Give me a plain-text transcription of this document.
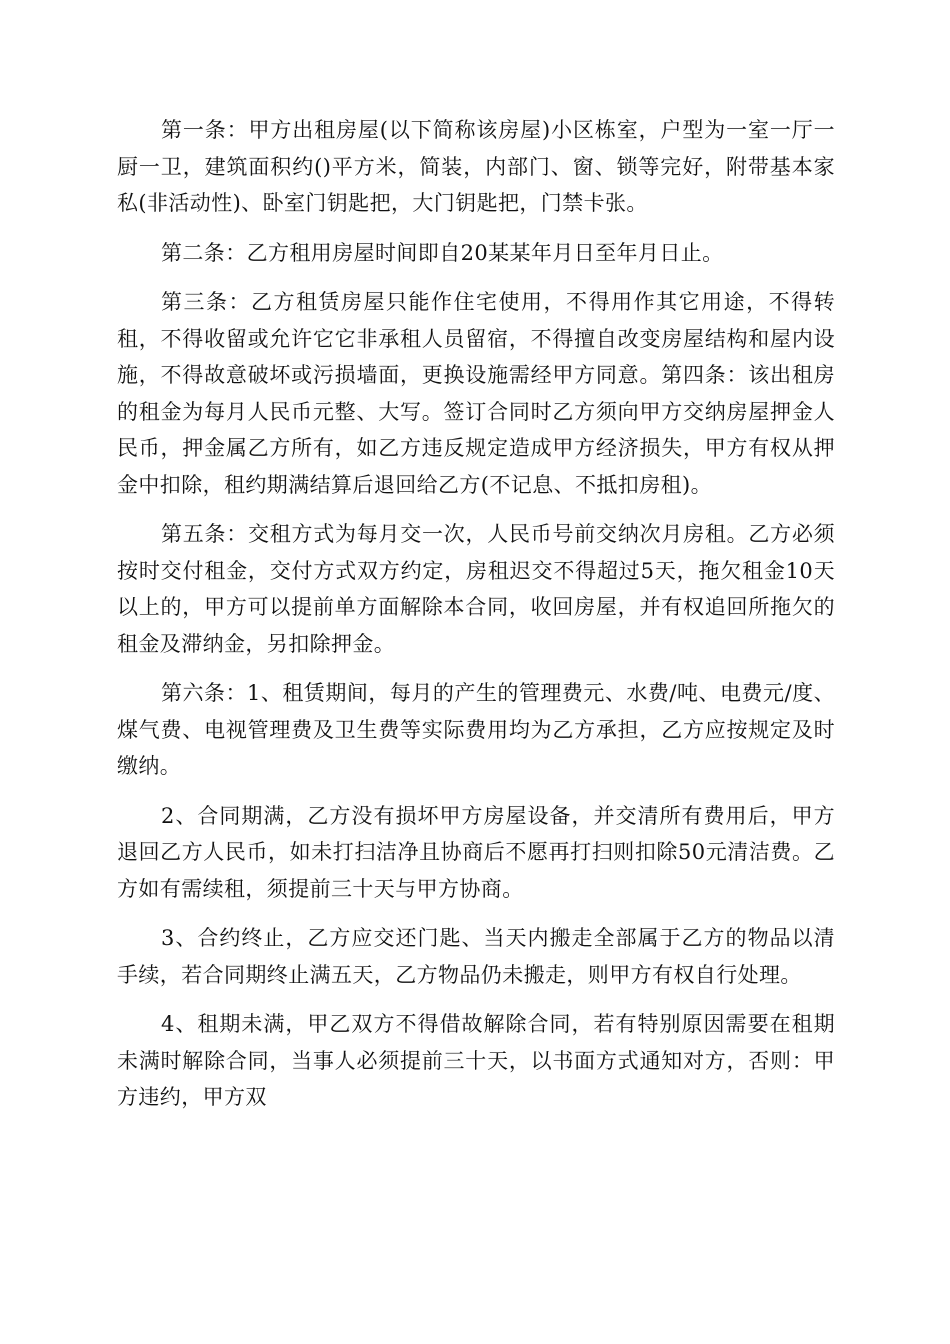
第一条：甲方出租房屋(以下简称该房屋)小区栋室，户型为一室一厅一厨一卫，建筑面积约()平方米，简装，内部门、窗、锁等完好，附带基本家私(非活动性)、卧室门钥匙把，大门钥匙把，门禁卡张。

第二条：乙方租用房屋时间即自20某某年月日至年月日止。

第三条：乙方租赁房屋只能作住宅使用，不得用作其它用途，不得转租，不得收留或允许它它非承租人员留宿，不得擅自改变房屋结构和屋内设施，不得故意破坏或污损墙面，更换设施需经甲方同意。第四条：该出租房的租金为每月人民币元整、大写。签订合同时乙方须向甲方交纳房屋押金人民币，押金属乙方所有，如乙方违反规定造成甲方经济损失，甲方有权从押金中扣除，租约期满结算后退回给乙方(不记息、不抵扣房租)。

第五条：交租方式为每月交一次，人民币号前交纳次月房租。乙方必须按时交付租金，交付方式双方约定，房租迟交不得超过5天，拖欠租金10天以上的，甲方可以提前单方面解除本合同，收回房屋，并有权追回所拖欠的租金及滞纳金，另扣除押金。

第六条：1、租赁期间，每月的产生的管理费元、水费/吨、电费元/度、煤气费、电视管理费及卫生费等实际费用均为乙方承担，乙方应按规定及时缴纳。

2、合同期满，乙方没有损坏甲方房屋设备，并交清所有费用后，甲方退回乙方人民币，如未打扫洁净且协商后不愿再打扫则扣除50元清洁费。乙方如有需续租，须提前三十天与甲方协商。

3、合约终止，乙方应交还门匙、当天内搬走全部属于乙方的物品以清手续，若合同期终止满五天，乙方物品仍未搬走，则甲方有权自行处理。

4、租期未满，甲乙双方不得借故解除合同，若有特别原因需要在租期未满时解除合同，当事人必须提前三十天，以书面方式通知对方，否则：甲方违约，甲方双
